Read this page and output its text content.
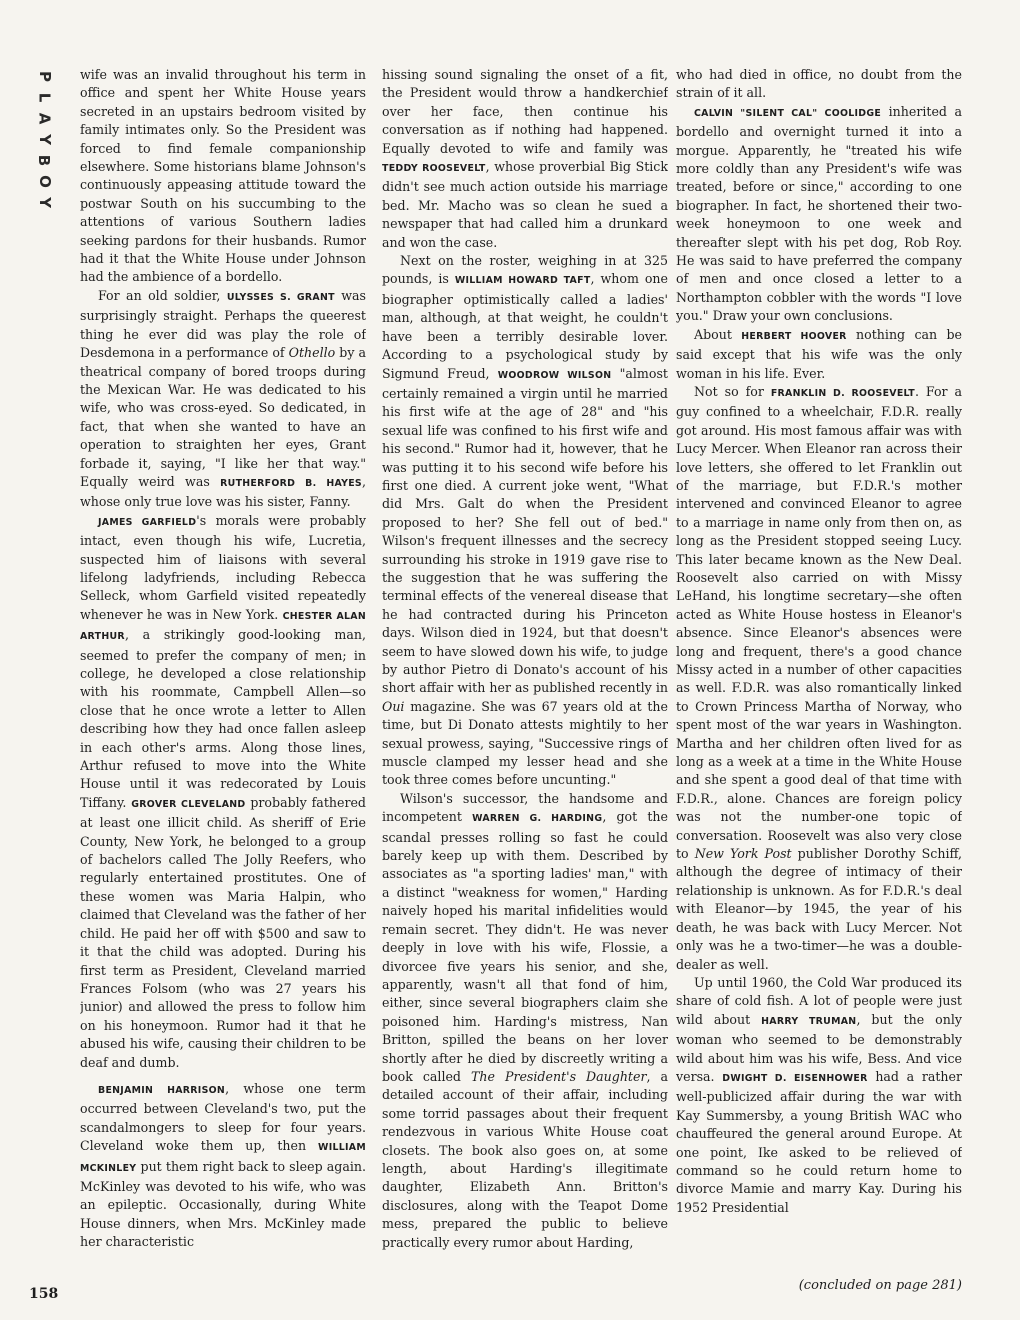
P
L
A
Y
B
O
Y

wife was an invalid throughout his term in office and spent her White House years secreted in an upstairs bedroom visited by family intimates only. So the President was forced to find female companionship elsewhere. Some historians blame Johnson's continuously appeasing attitude toward the postwar South on his succumbing to the attentions of various Southern ladies seeking pardons for their husbands. Rumor had it that the White House under Johnson had the ambience of a bordello.

For an old soldier, ULYSSES S. GRANT was surprisingly straight. Perhaps the queerest thing he ever did was play the role of Desdemona in a performance of Othello by a theatrical company of bored troops during the Mexican War. He was dedicated to his wife, who was cross-eyed. So dedicated, in fact, that when she wanted to have an operation to straighten her eyes, Grant forbade it, saying, "I like her that way." Equally weird was RUTHERFORD B. HAYES, whose only true love was his sister, Fanny.

JAMES GARFIELD's morals were probably intact, even though his wife, Lucretia, suspected him of liaisons with several lifelong ladyfriends, including Rebecca Selleck, whom Garfield visited repeatedly whenever he was in New York. CHESTER ALAN ARTHUR, a strikingly good-looking man, seemed to prefer the company of men; in college, he developed a close relationship with his roommate, Campbell Allen—so close that he once wrote a letter to Allen describing how they had once fallen asleep in each other's arms. Along those lines, Arthur refused to move into the White House until it was redecorated by Louis Tiffany. GROVER CLEVELAND probably fathered at least one illicit child. As sheriff of Erie County, New York, he belonged to a group of bachelors called The Jolly Reefers, who regularly entertained prostitutes. One of these women was Maria Halpin, who claimed that Cleveland was the father of her child. He paid her off with $500 and saw to it that the child was adopted. During his first term as President, Cleveland married Frances Folsom (who was 27 years his junior) and allowed the press to follow him on his honeymoon. Rumor had it that he abused his wife, causing their children to be deaf and dumb.

BENJAMIN HARRISON, whose one term occurred between Cleveland's two, put the scandalmongers to sleep for four years. Cleveland woke them up, then WILLIAM MCKINLEY put them right back to sleep again. McKinley was devoted to his wife, who was an epileptic. Occasionally, during White House dinners, when Mrs. McKinley made her characteristic

hissing sound signaling the onset of a fit, the President would throw a handkerchief over her face, then continue his conversation as if nothing had happened. Equally devoted to wife and family was TEDDY ROOSEVELT, whose proverbial Big Stick didn't see much action outside his marriage bed. Mr. Macho was so clean he sued a newspaper that had called him a drunkard and won the case.

Next on the roster, weighing in at 325 pounds, is WILLIAM HOWARD TAFT, whom one biographer optimistically called a ladies' man, although, at that weight, he couldn't have been a terribly desirable lover. According to a psychological study by Sigmund Freud, WOODROW WILSON "almost certainly remained a virgin until he married his first wife at the age of 28" and "his sexual life was confined to his first wife and his second." Rumor had it, however, that he was putting it to his second wife before his first one died. A current joke went, "What did Mrs. Galt do when the President proposed to her? She fell out of bed." Wilson's frequent illnesses and the secrecy surrounding his stroke in 1919 gave rise to the suggestion that he was suffering the terminal effects of the venereal disease that he had contracted during his Princeton days. Wilson died in 1924, but that doesn't seem to have slowed down his wife, to judge by author Pietro di Donato's account of his short affair with her as published recently in Oui magazine. She was 67 years old at the time, but Di Donato attests mightily to her sexual prowess, saying, "Successive rings of muscle clamped my lesser head and she took three comes before uncunting."

Wilson's successor, the handsome and incompetent WARREN G. HARDING, got the scandal presses rolling so fast he could barely keep up with them. Described by associates as "a sporting ladies' man," with a distinct "weakness for women," Harding naively hoped his marital infidelities would remain secret. They didn't. He was never deeply in love with his wife, Flossie, a divorcee five years his senior, and she, apparently, wasn't all that fond of him, either, since several biographers claim she poisoned him. Harding's mistress, Nan Britton, spilled the beans on her lover shortly after he died by discreetly writing a book called The President's Daughter, a detailed account of their affair, including some torrid passages about their frequent rendezvous in various White House coat closets. The book also goes on, at some length, about Harding's illegitimate daughter, Elizabeth Ann. Britton's disclosures, along with the Teapot Dome mess, prepared the public to believe practically every rumor about Harding,

who had died in office, no doubt from the strain of it all.

CALVIN "SILENT CAL" COOLIDGE inherited a bordello and overnight turned it into a morgue. Apparently, he "treated his wife more coldly than any President's wife was treated, before or since," according to one biographer. In fact, he shortened their two-week honeymoon to one week and thereafter slept with his pet dog, Rob Roy. He was said to have preferred the company of men and once closed a letter to a Northampton cobbler with the words "I love you." Draw your own conclusions.

About HERBERT HOOVER nothing can be said except that his wife was the only woman in his life. Ever.

Not so for FRANKLIN D. ROOSEVELT. For a guy confined to a wheelchair, F.D.R. really got around. His most famous affair was with Lucy Mercer. When Eleanor ran across their love letters, she offered to let Franklin out of the marriage, but F.D.R.'s mother intervened and convinced Eleanor to agree to a marriage in name only from then on, as long as the President stopped seeing Lucy. This later became known as the New Deal. Roosevelt also carried on with Missy LeHand, his longtime secretary—she often acted as White House hostess in Eleanor's absence. Since Eleanor's absences were long and frequent, there's a good chance Missy acted in a number of other capacities as well. F.D.R. was also romantically linked to Crown Princess Martha of Norway, who spent most of the war years in Washington. Martha and her children often lived for as long as a week at a time in the White House and she spent a good deal of that time with F.D.R., alone. Chances are foreign policy was not the number-one topic of conversation. Roosevelt was also very close to New York Post publisher Dorothy Schiff, although the degree of intimacy of their relationship is unknown. As for F.D.R.'s deal with Eleanor—by 1945, the year of his death, he was back with Lucy Mercer. Not only was he a two-timer—he was a double-dealer as well.

Up until 1960, the Cold War produced its share of cold fish. A lot of people were just wild about HARRY TRUMAN, but the only woman who seemed to be demonstrably wild about him was his wife, Bess. And vice versa. DWIGHT D. EISENHOWER had a rather well-publicized affair during the war with Kay Summersby, a young British WAC who chauffeured the general around Europe. At one point, Ike asked to be relieved of command so he could return home to divorce Mamie and marry Kay. During his 1952 Presidential

(concluded on page 281)
158
